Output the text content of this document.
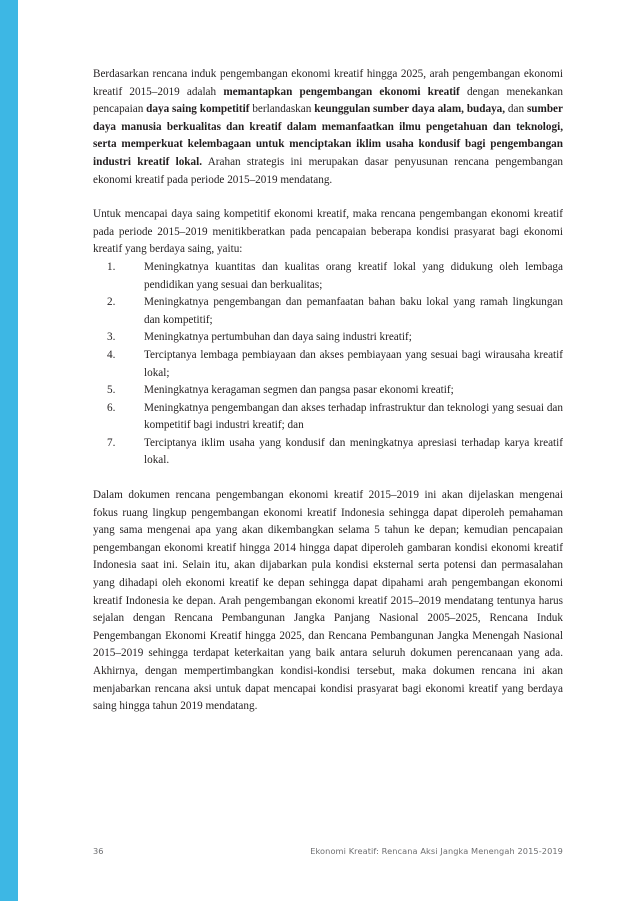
Berdasarkan rencana induk pengembangan ekonomi kreatif hingga 2025, arah pengembangan ekonomi kreatif 2015–2019 adalah memantapkan pengembangan ekonomi kreatif dengan menekankan pencapaian daya saing kompetitif berlandaskan keunggulan sumber daya alam, budaya, dan sumber daya manusia berkualitas dan kreatif dalam memanfaatkan ilmu pengetahuan dan teknologi, serta memperkuat kelembagaan untuk menciptakan iklim usaha kondusif bagi pengembangan industri kreatif lokal. Arahan strategis ini merupakan dasar penyusunan rencana pengembangan ekonomi kreatif pada periode 2015–2019 mendatang.

Untuk mencapai daya saing kompetitif ekonomi kreatif, maka rencana pengembangan ekonomi kreatif pada periode 2015–2019 menitikberatkan pada pencapaian beberapa kondisi prasyarat bagi ekonomi kreatif yang berdaya saing, yaitu:

1.	Meningkatnya kuantitas dan kualitas orang kreatif lokal yang didukung oleh lembaga pendidikan yang sesuai dan berkualitas;
2.	Meningkatnya pengembangan dan pemanfaatan bahan baku lokal yang ramah lingkungan dan kompetitif;
3.	Meningkatnya pertumbuhan dan daya saing industri kreatif;
4.	Terciptanya lembaga pembiayaan dan akses pembiayaan yang sesuai bagi wirausaha kreatif lokal;
5.	Meningkatnya keragaman segmen dan pangsa pasar ekonomi kreatif;
6.	Meningkatnya pengembangan dan akses terhadap infrastruktur dan teknologi yang sesuai dan kompetitif bagi industri kreatif; dan
7.	Terciptanya iklim usaha yang kondusif dan meningkatnya apresiasi terhadap karya kreatif lokal.

Dalam dokumen rencana pengembangan ekonomi kreatif 2015–2019 ini akan dijelaskan mengenai fokus ruang lingkup pengembangan ekonomi kreatif Indonesia sehingga dapat diperoleh pemahaman yang sama mengenai apa yang akan dikembangkan selama 5 tahun ke depan; kemudian pencapaian pengembangan ekonomi kreatif hingga 2014 hingga dapat diperoleh gambaran kondisi ekonomi kreatif Indonesia saat ini. Selain itu, akan dijabarkan pula kondisi eksternal serta potensi dan permasalahan yang dihadapi oleh ekonomi kreatif ke depan sehingga dapat dipahami arah pengembangan ekonomi kreatif Indonesia ke depan. Arah pengembangan ekonomi kreatif 2015–2019 mendatang tentunya harus sejalan dengan Rencana Pembangunan Jangka Panjang Nasional 2005–2025, Rencana Induk Pengembangan Ekonomi Kreatif hingga 2025, dan Rencana Pembangunan Jangka Menengah Nasional 2015–2019 sehingga terdapat keterkaitan yang baik antara seluruh dokumen perencanaan yang ada. Akhirnya, dengan mempertimbangkan kondisi-kondisi tersebut, maka dokumen rencana ini akan menjabarkan rencana aksi untuk dapat mencapai kondisi prasyarat bagi ekonomi kreatif yang berdaya saing hingga tahun 2019 mendatang.

36	Ekonomi Kreatif: Rencana Aksi Jangka Menengah 2015-2019
